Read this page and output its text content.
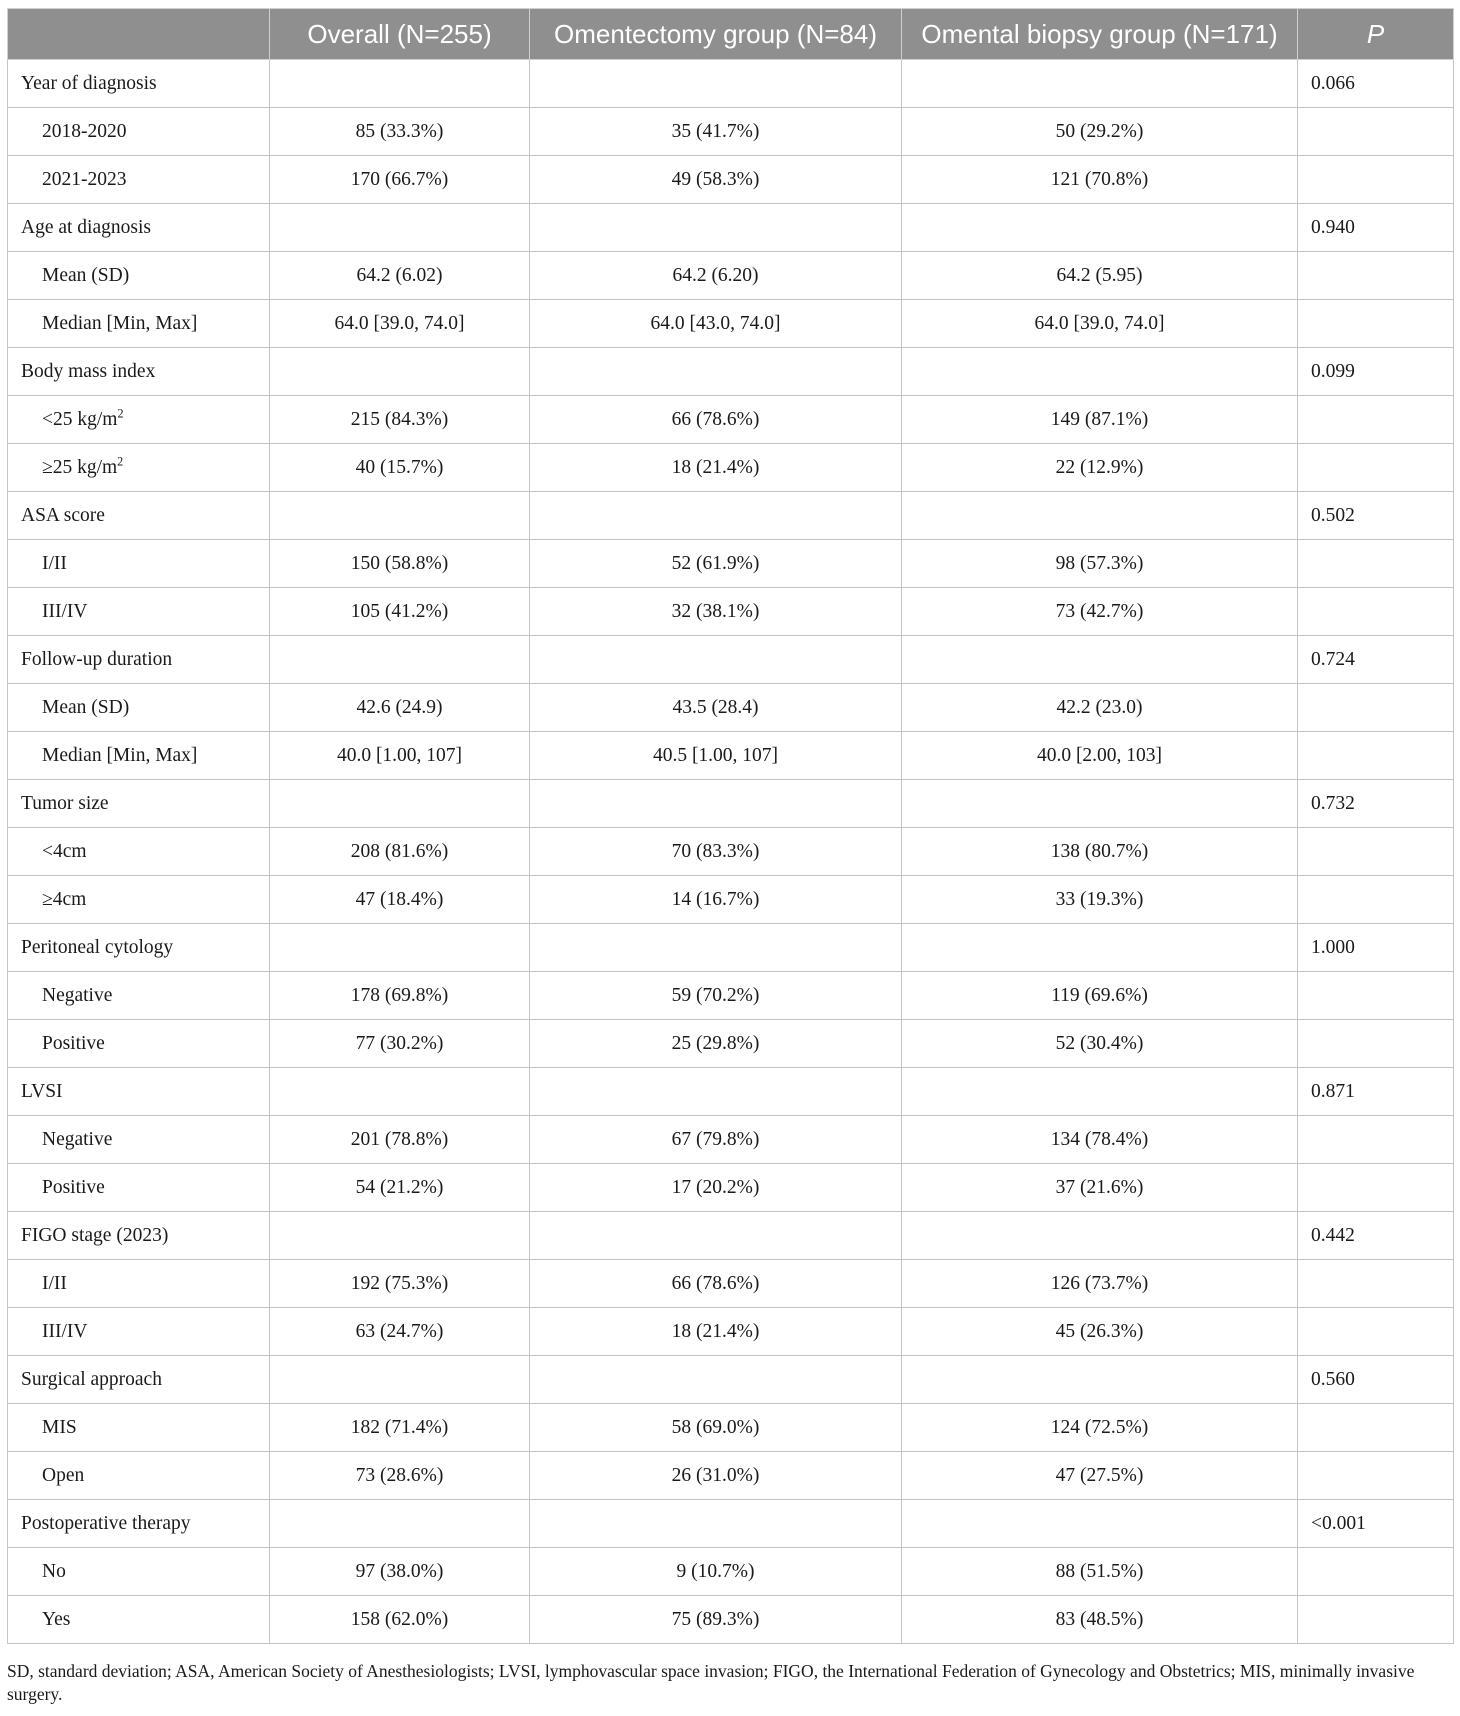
	Overall (N=255)	Omentectomy group (N=84)	Omental biopsy group (N=171)	P
Year of diagnosis				0.066
2018-2020	85 (33.3%)	35 (41.7%)	50 (29.2%)	
2021-2023	170 (66.7%)	49 (58.3%)	121 (70.8%)	
Age at diagnosis				0.940
Mean (SD)	64.2 (6.02)	64.2 (6.20)	64.2 (5.95)	
Median [Min, Max]	64.0 [39.0, 74.0]	64.0 [43.0, 74.0]	64.0 [39.0, 74.0]	
Body mass index				0.099
<25 $kg/m^2$	215 (84.3%)	66 (78.6%)	149 (87.1%)	
≥25 $kg/m^2$	40 (15.7%)	18 (21.4%)	22 (12.9%)	
ASA score				0.502
I/II	150 (58.8%)	52 (61.9%)	98 (57.3%)	
III/IV	105 (41.2%)	32 (38.1%)	73 (42.7%)	
Follow-up duration				0.724
Mean (SD)	42.6 (24.9)	43.5 (28.4)	42.2 (23.0)	
Median [Min, Max]	40.0 [1.00, 107]	40.5 [1.00, 107]	40.0 [2.00, 103]	
Tumor size				0.732
<4cm	208 (81.6%)	70 (83.3%)	138 (80.7%)	
≥4cm	47 (18.4%)	14 (16.7%)	33 (19.3%)	
Peritoneal cytology				1.000
Negative	178 (69.8%)	59 (70.2%)	119 (69.6%)	
Positive	77 (30.2%)	25 (29.8%)	52 (30.4%)	
LVSI				0.871
Negative	201 (78.8%)	67 (79.8%)	134 (78.4%)	
Positive	54 (21.2%)	17 (20.2%)	37 (21.6%)	
FIGO stage (2023)				0.442
I/II	192 (75.3%)	66 (78.6%)	126 (73.7%)	
III/IV	63 (24.7%)	18 (21.4%)	45 (26.3%)	
Surgical approach				0.560
MIS	182 (71.4%)	58 (69.0%)	124 (72.5%)	
Open	73 (28.6%)	26 (31.0%)	47 (27.5%)	
Postoperative therapy				<0.001
No	97 (38.0%)	9 (10.7%)	88 (51.5%)	
Yes	158 (62.0%)	75 (89.3%)	83 (48.5%)	
SD, standard deviation; ASA, American Society of Anesthesiologists; LVSI, lymphovascular space invasion; FIGO, the International Federation of Gynecology and Obstetrics; MIS, minimally invasive surgery.
